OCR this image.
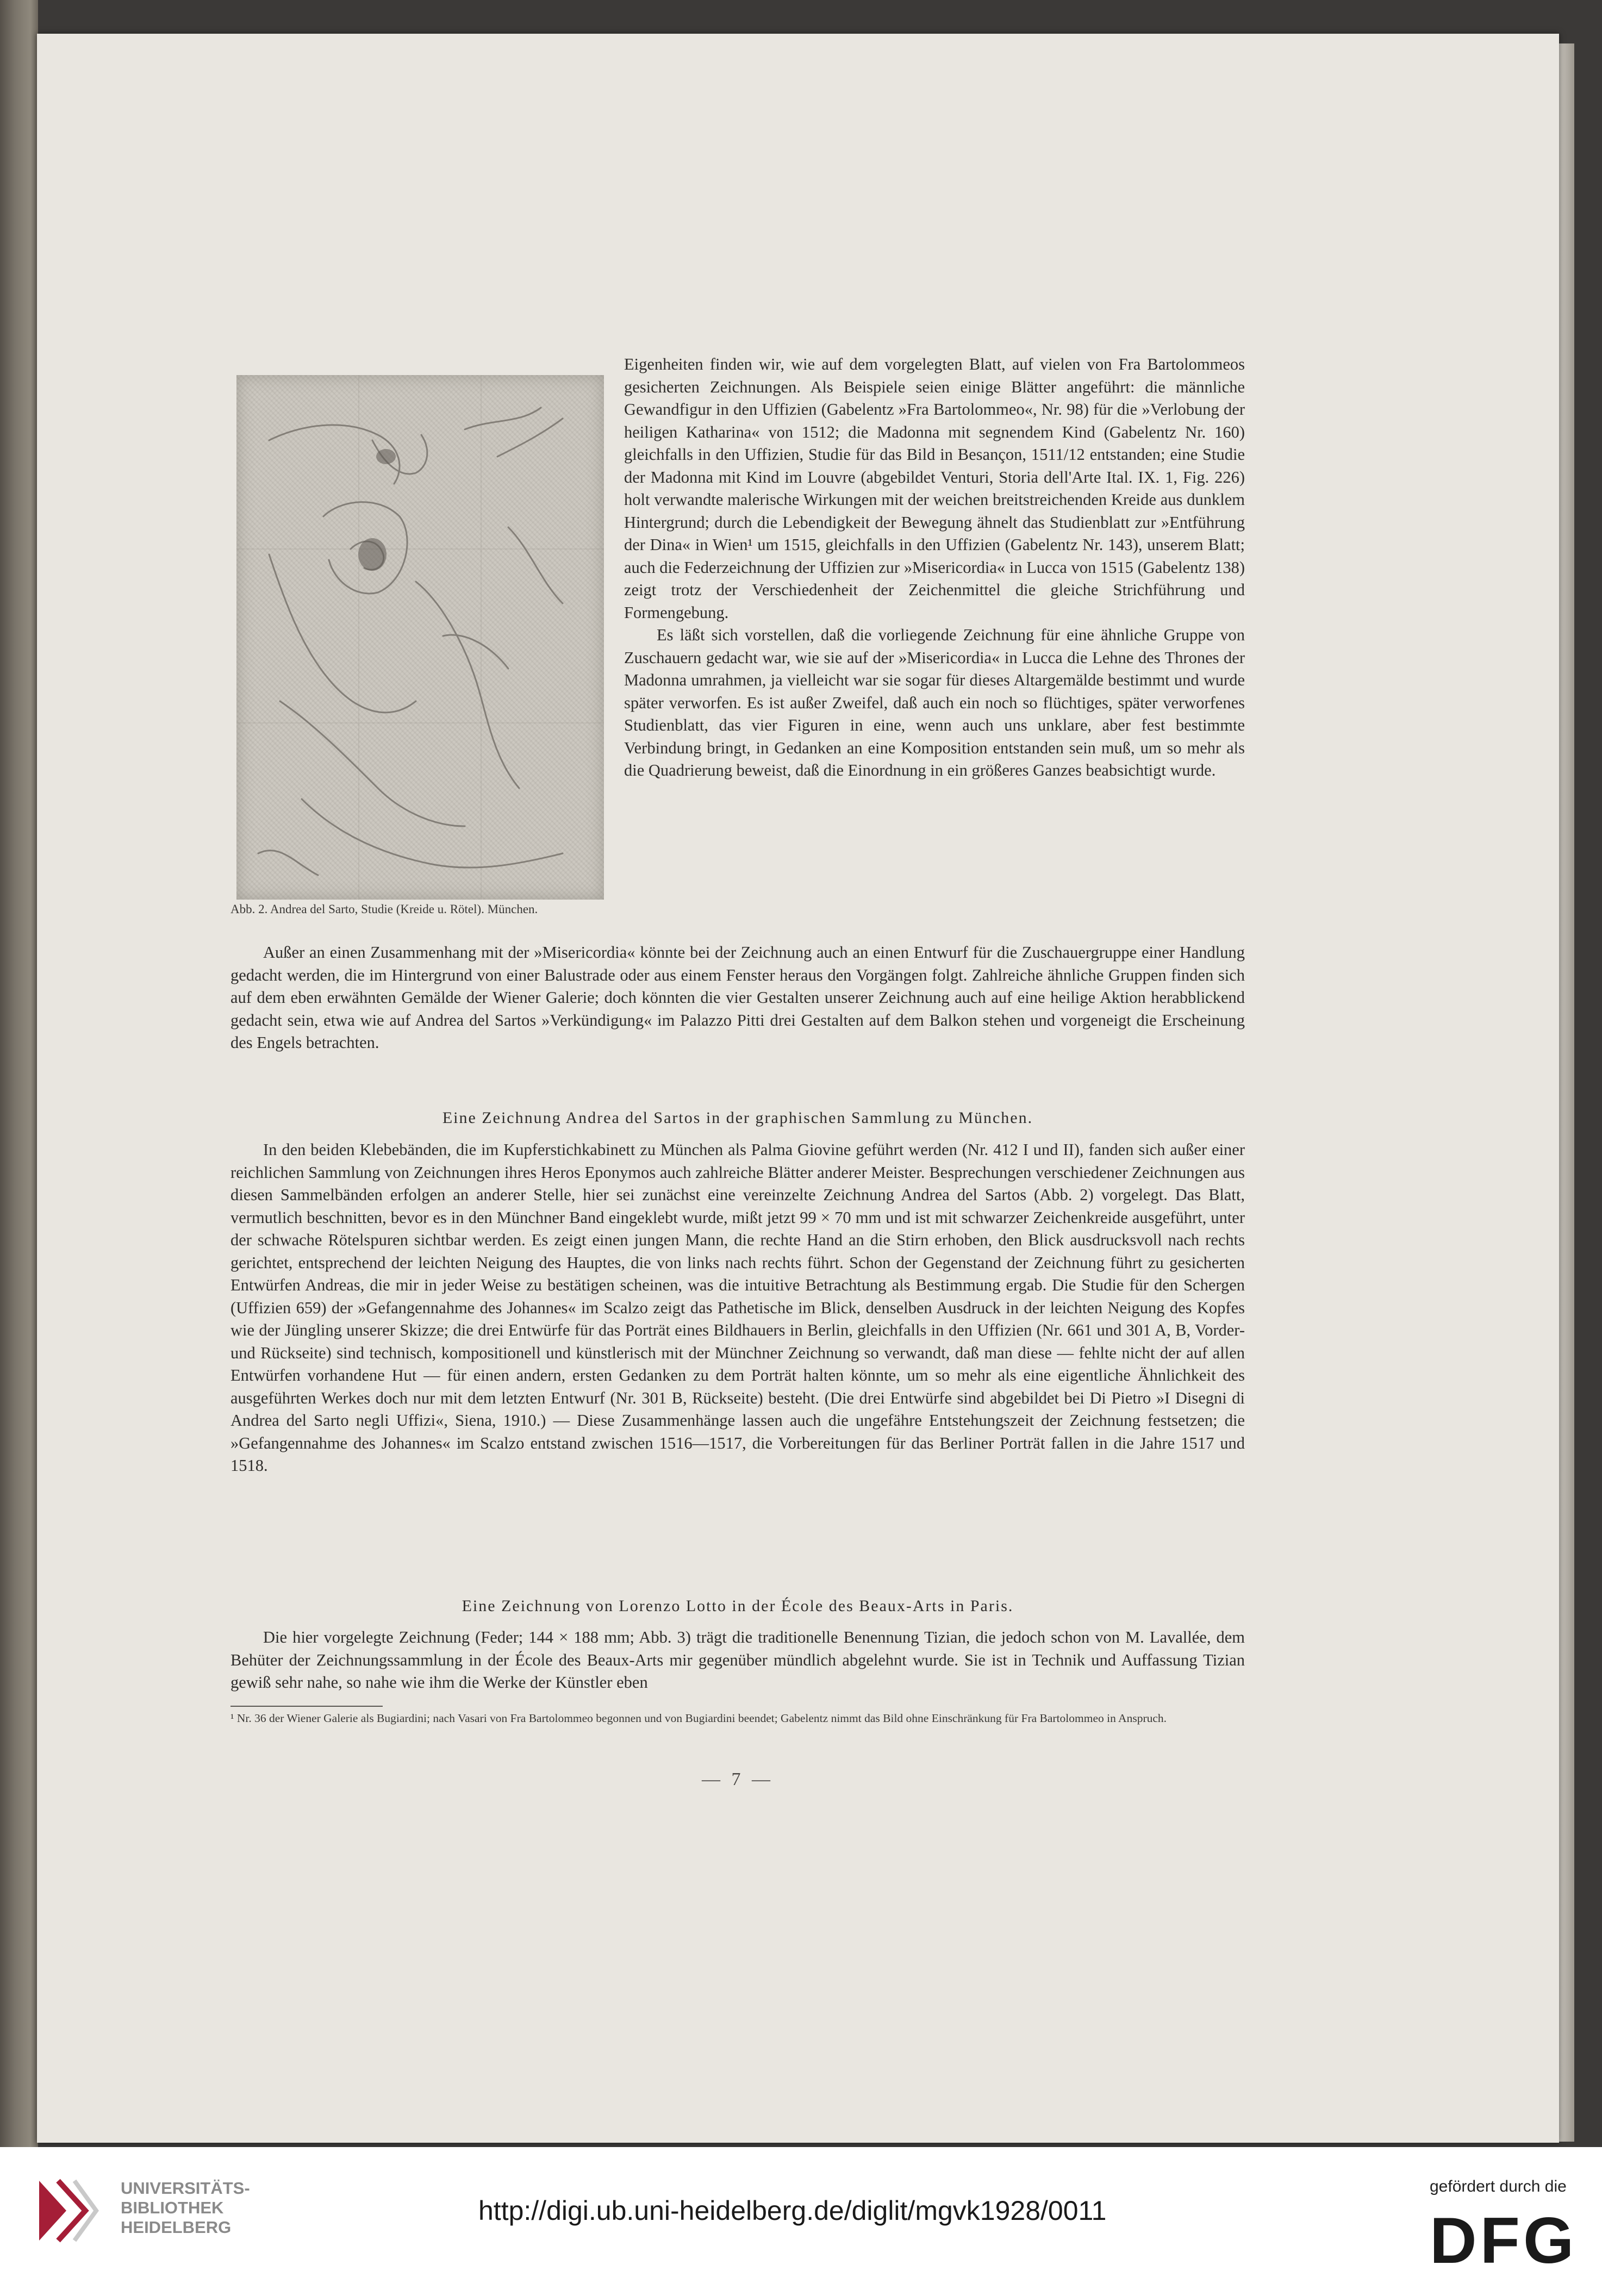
Abb. 2. Andrea del Sarto, Studie (Kreide u. Rötel). München.

Eigenheiten finden wir, wie auf dem vorgelegten Blatt, auf vielen von Fra Bartolommeos gesicherten Zeichnungen. Als Beispiele seien einige Blätter angeführt: die männliche Gewandfigur in den Uffizien (Gabelentz »Fra Bartolommeo«, Nr. 98) für die »Verlobung der heiligen Katharina« von 1512; die Madonna mit segnendem Kind (Gabelentz Nr. 160) gleichfalls in den Uffizien, Studie für das Bild in Besançon, 1511/12 entstanden; eine Studie der Madonna mit Kind im Louvre (abgebildet Venturi, Storia dell'Arte Ital. IX. 1, Fig. 226) holt verwandte malerische Wirkungen mit der weichen breitstreichenden Kreide aus dunklem Hintergrund; durch die Lebendigkeit der Bewegung ähnelt das Studienblatt zur »Entführung der Dina« in Wien¹ um 1515, gleichfalls in den Uffizien (Gabelentz Nr. 143), unserem Blatt; auch die Federzeichnung der Uffizien zur »Misericordia« in Lucca von 1515 (Gabelentz 138) zeigt trotz der Verschiedenheit der Zeichenmittel die gleiche Strichführung und Formengebung.

Es läßt sich vorstellen, daß die vorliegende Zeichnung für eine ähnliche Gruppe von Zuschauern gedacht war, wie sie auf der »Misericordia« in Lucca die Lehne des Thrones der Madonna umrahmen, ja vielleicht war sie sogar für dieses Altargemälde bestimmt und wurde später verworfen. Es ist außer Zweifel, daß auch ein noch so flüchtiges, später verworfenes Studienblatt, das vier Figuren in eine, wenn auch uns unklare, aber fest bestimmte Verbindung bringt, in Gedanken an eine Komposition entstanden sein muß, um so mehr als die Quadrierung beweist, daß die Einordnung in ein größeres Ganzes beabsichtigt wurde.

Außer an einen Zusammenhang mit der »Misericordia« könnte bei der Zeichnung auch an einen Entwurf für die Zuschauergruppe einer Handlung gedacht werden, die im Hintergrund von einer Balustrade oder aus einem Fenster heraus den Vorgängen folgt. Zahlreiche ähnliche Gruppen finden sich auf dem eben erwähnten Gemälde der Wiener Galerie; doch könnten die vier Gestalten unserer Zeichnung auch auf eine heilige Aktion herabblickend gedacht sein, etwa wie auf Andrea del Sartos »Verkündigung« im Palazzo Pitti drei Gestalten auf dem Balkon stehen und vorgeneigt die Erscheinung des Engels betrachten.

Eine Zeichnung Andrea del Sartos in der graphischen Sammlung zu München.

In den beiden Klebebänden, die im Kupferstichkabinett zu München als Palma Giovine geführt werden (Nr. 412 I und II), fanden sich außer einer reichlichen Sammlung von Zeichnungen ihres Heros Eponymos auch zahlreiche Blätter anderer Meister. Besprechungen verschiedener Zeichnungen aus diesen Sammelbänden erfolgen an anderer Stelle, hier sei zunächst eine vereinzelte Zeichnung Andrea del Sartos (Abb. 2) vorgelegt. Das Blatt, vermutlich beschnitten, bevor es in den Münchner Band eingeklebt wurde, mißt jetzt 99 × 70 mm und ist mit schwarzer Zeichenkreide ausgeführt, unter der schwache Rötelspuren sichtbar werden. Es zeigt einen jungen Mann, die rechte Hand an die Stirn erhoben, den Blick ausdrucksvoll nach rechts gerichtet, entsprechend der leichten Neigung des Hauptes, die von links nach rechts führt. Schon der Gegenstand der Zeichnung führt zu gesicherten Entwürfen Andreas, die mir in jeder Weise zu bestätigen scheinen, was die intuitive Betrachtung als Bestimmung ergab. Die Studie für den Schergen (Uffizien 659) der »Gefangennahme des Johannes« im Scalzo zeigt das Pathetische im Blick, denselben Ausdruck in der leichten Neigung des Kopfes wie der Jüngling unserer Skizze; die drei Entwürfe für das Porträt eines Bildhauers in Berlin, gleichfalls in den Uffizien (Nr. 661 und 301 A, B, Vorder- und Rückseite) sind technisch, kompositionell und künstlerisch mit der Münchner Zeichnung so verwandt, daß man diese — fehlte nicht der auf allen Entwürfen vorhandene Hut — für einen andern, ersten Gedanken zu dem Porträt halten könnte, um so mehr als eine eigentliche Ähnlichkeit des ausgeführten Werkes doch nur mit dem letzten Entwurf (Nr. 301 B, Rückseite) besteht. (Die drei Entwürfe sind abgebildet bei Di Pietro »I Disegni di Andrea del Sarto negli Uffizi«, Siena, 1910.) — Diese Zusammenhänge lassen auch die ungefähre Entstehungszeit der Zeichnung festsetzen; die »Gefangennahme des Johannes« im Scalzo entstand zwischen 1516—1517, die Vorbereitungen für das Berliner Porträt fallen in die Jahre 1517 und 1518.

Eine Zeichnung von Lorenzo Lotto in der École des Beaux-Arts in Paris.

Die hier vorgelegte Zeichnung (Feder; 144 × 188 mm; Abb. 3) trägt die traditionelle Benennung Tizian, die jedoch schon von M. Lavallée, dem Behüter der Zeichnungssammlung in der École des Beaux-Arts mir gegenüber mündlich abgelehnt wurde. Sie ist in Technik und Auffassung Tizian gewiß sehr nahe, so nahe wie ihm die Werke der Künstler eben

¹ Nr. 36 der Wiener Galerie als Bugiardini; nach Vasari von Fra Bartolommeo begonnen und von Bugiardini beendet; Gabelentz nimmt das Bild ohne Einschränkung für Fra Bartolommeo in Anspruch.
— 7 —
UNIVERSITÄTS-
BIBLIOTHEK
HEIDELBERG
http://digi.ub.uni-heidelberg.de/diglit/mgvk1928/0011
gefördert durch die
DFG
